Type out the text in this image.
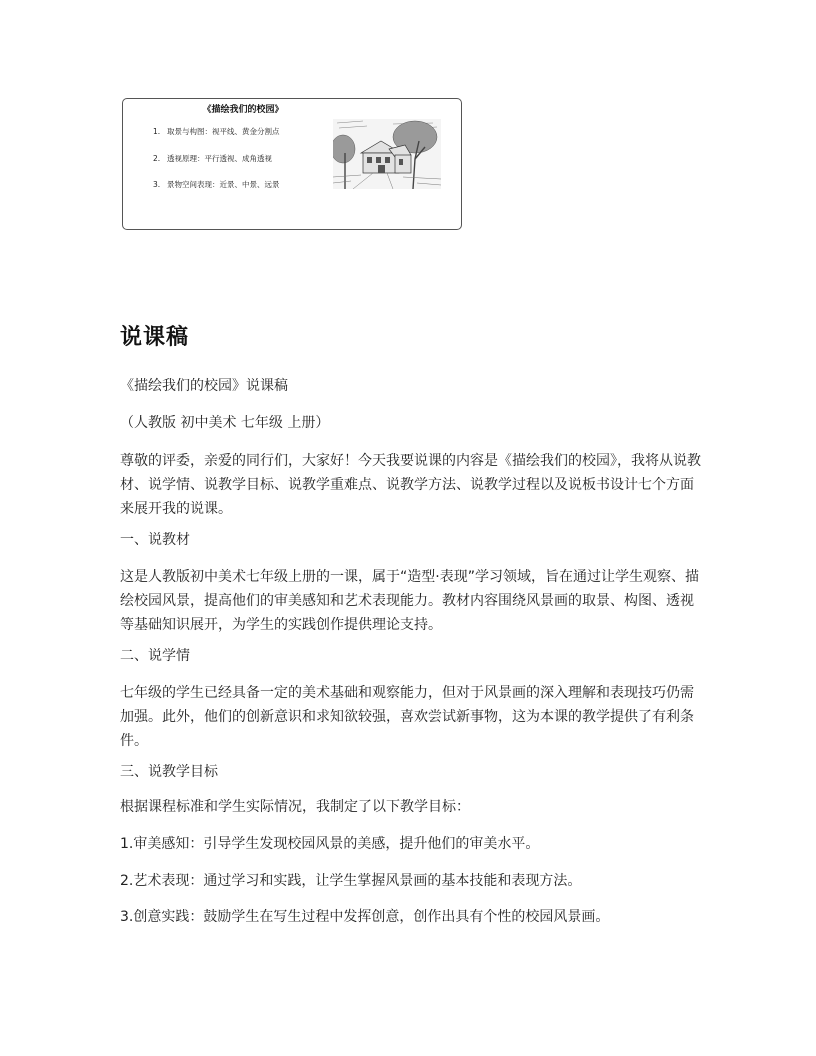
《描绘我们的校园》
1. 取景与构图：视平线、黄金分割点
2. 透视原理：平行透视、成角透视
3. 景物空间表现：近景、中景、远景
说课稿

《描绘我们的校园》说课稿

（人教版 初中美术 七年级 上册）

尊敬的评委，亲爱的同行们，大家好！今天我要说课的内容是《描绘我们的校园》，我将从说教材、说学情、说教学目标、说教学重难点、说教学方法、说教学过程以及说板书设计七个方面来展开我的说课。

一、说教材

这是人教版初中美术七年级上册的一课，属于“造型·表现”学习领域，旨在通过让学生观察、描绘校园风景，提高他们的审美感知和艺术表现能力。教材内容围绕风景画的取景、构图、透视等基础知识展开，为学生的实践创作提供理论支持。

二、说学情

七年级的学生已经具备一定的美术基础和观察能力，但对于风景画的深入理解和表现技巧仍需加强。此外，他们的创新意识和求知欲较强，喜欢尝试新事物，这为本课的教学提供了有利条件。

三、说教学目标

根据课程标准和学生实际情况，我制定了以下教学目标：

1.审美感知：引导学生发现校园风景的美感，提升他们的审美水平。

2.艺术表现：通过学习和实践，让学生掌握风景画的基本技能和表现方法。

3.创意实践：鼓励学生在写生过程中发挥创意，创作出具有个性的校园风景画。
